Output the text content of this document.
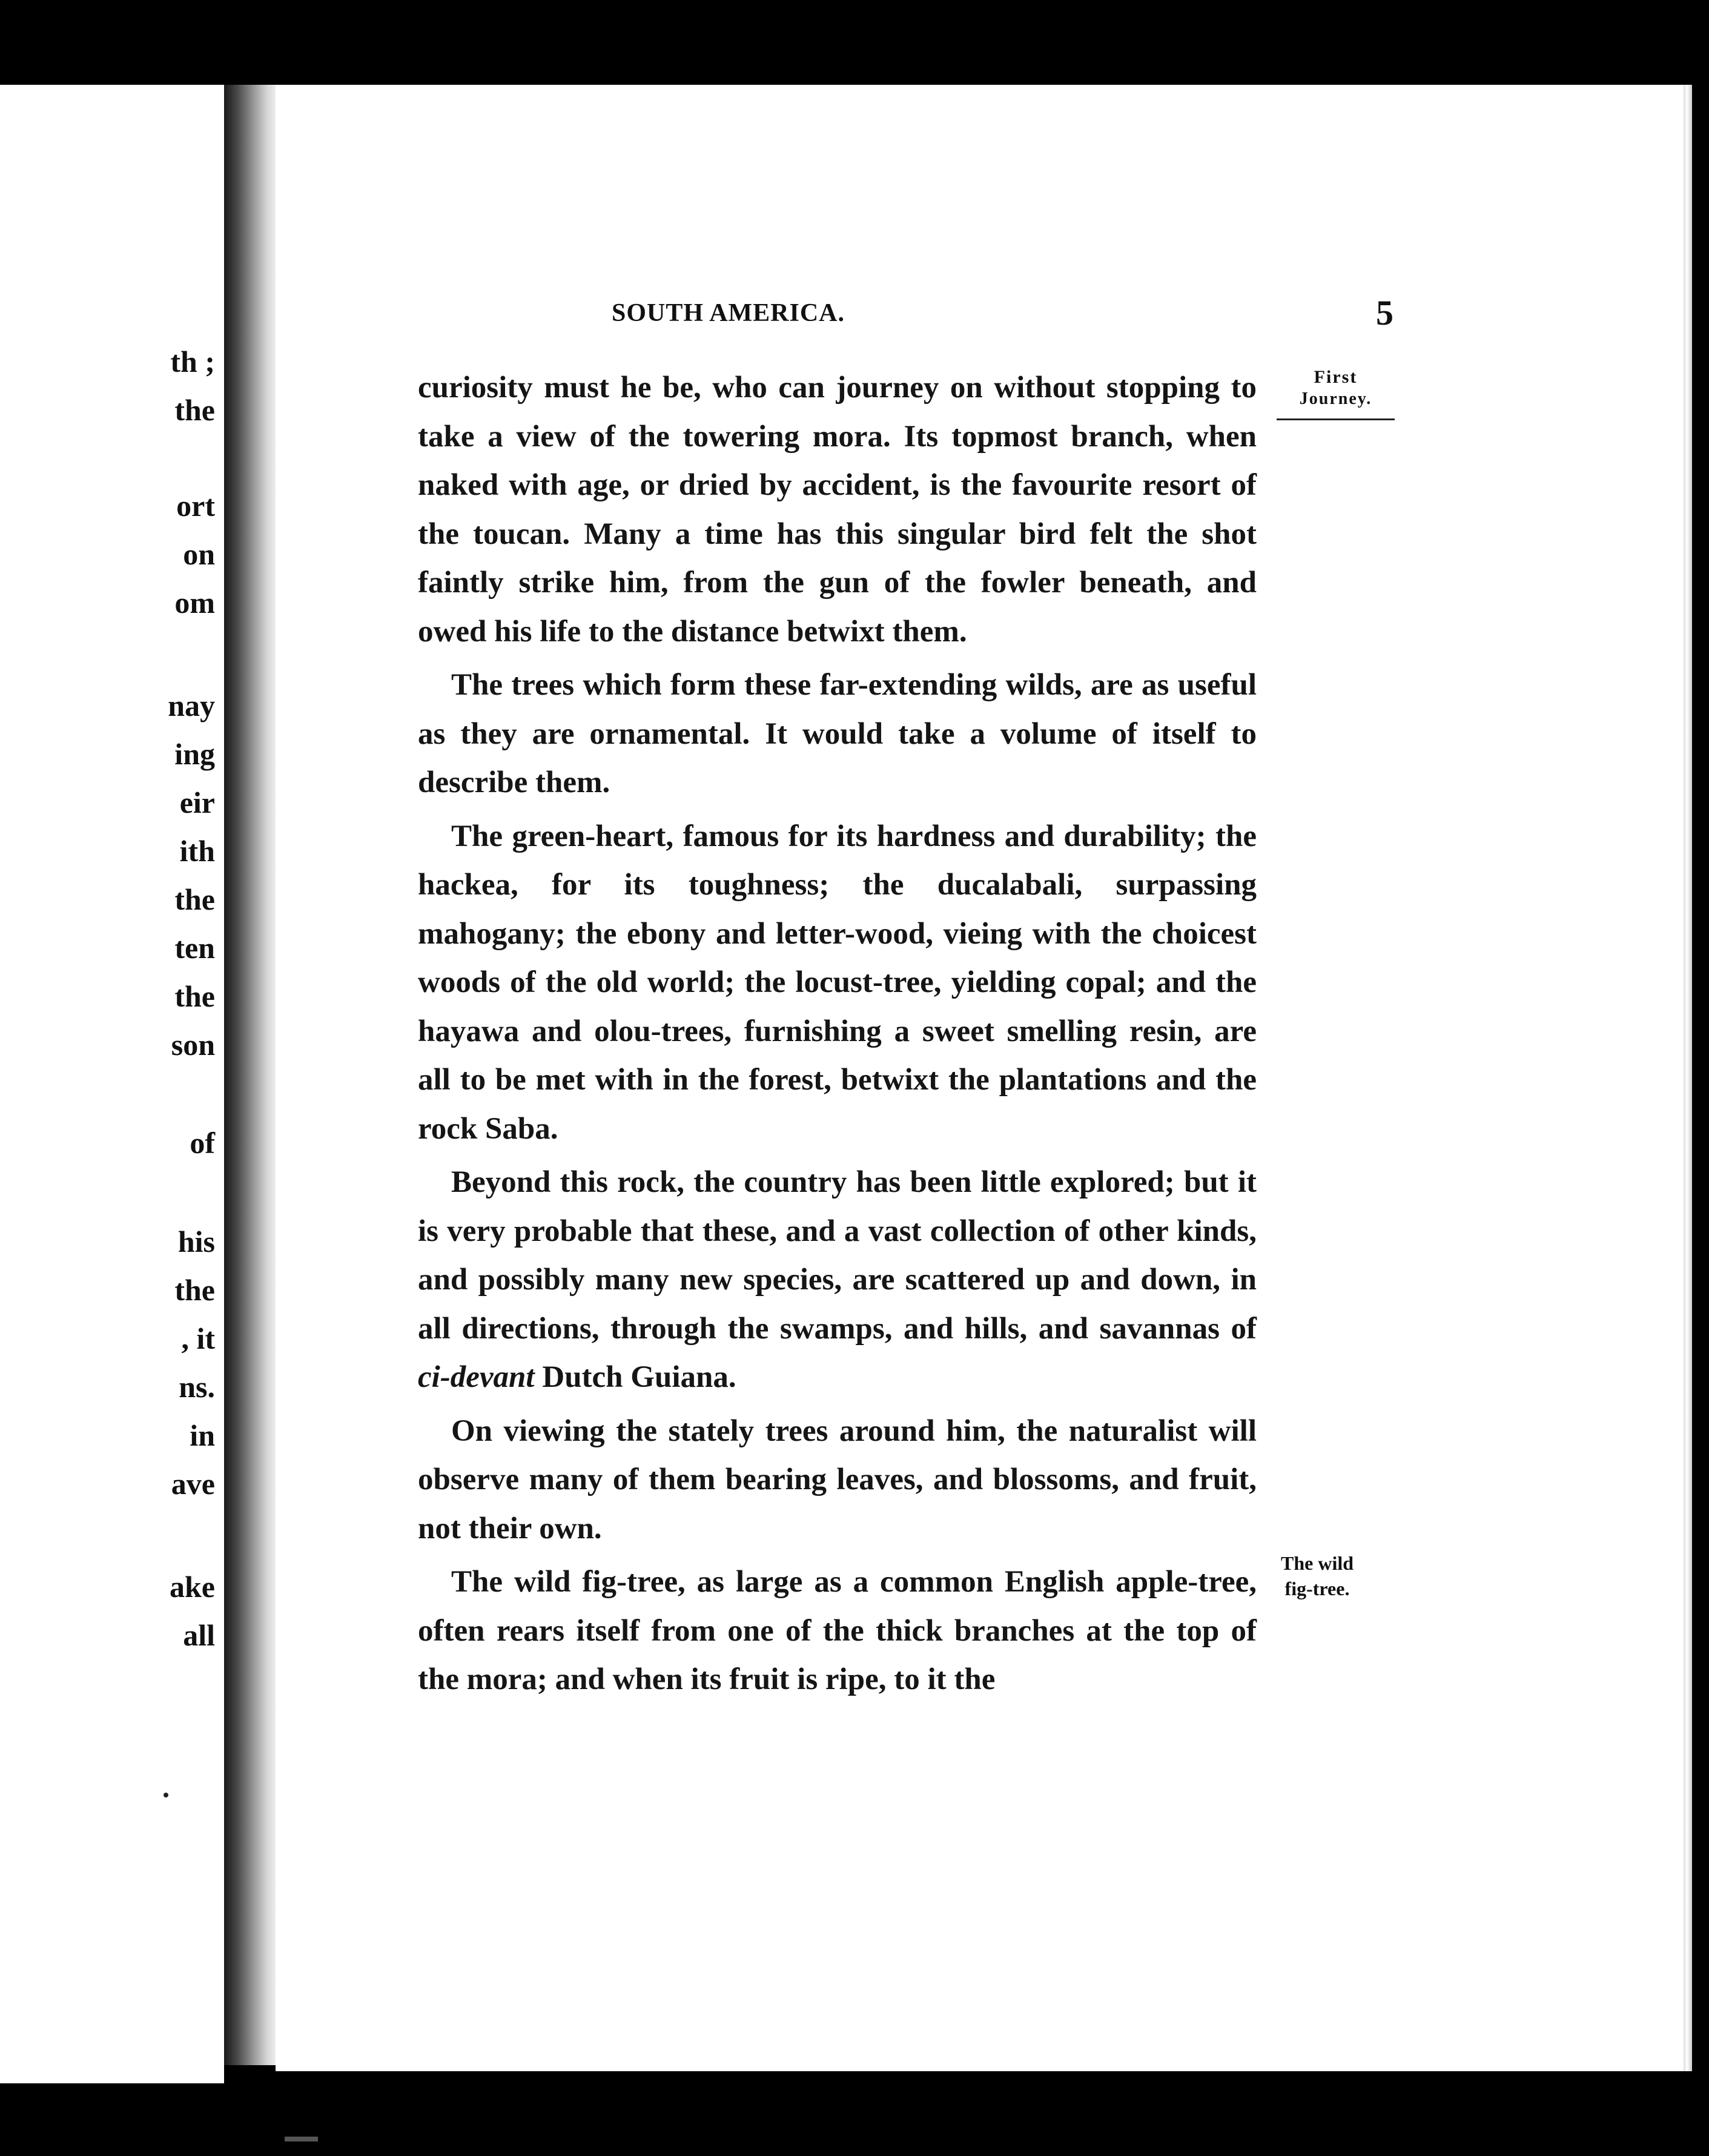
th ;
the
ort
on
om
nay
ing
eir
ith
the
ten
the
son
of
his
the
, it
ns.
in
ave
ake
all
SOUTH AMERICA.	5
First
Journey.
The wild
fig-tree.

curiosity must he be, who can journey on without stopping to take a view of the towering mora. Its topmost branch, when naked with age, or dried by accident, is the favourite resort of the toucan. Many a time has this singular bird felt the shot faintly strike him, from the gun of the fowler beneath, and owed his life to the distance betwixt them.

The trees which form these far-extending wilds, are as useful as they are ornamental. It would take a volume of itself to describe them.

The green-heart, famous for its hardness and durability; the hackea, for its toughness; the ducalabali, surpassing mahogany; the ebony and letter-wood, vieing with the choicest woods of the old world; the locust-tree, yielding copal; and the hayawa and olou-trees, furnishing a sweet smelling resin, are all to be met with in the forest, betwixt the plantations and the rock Saba.

Beyond this rock, the country has been little explored; but it is very probable that these, and a vast collection of other kinds, and possibly many new species, are scattered up and down, in all directions, through the swamps, and hills, and savannas of ci-devant Dutch Guiana.

On viewing the stately trees around him, the naturalist will observe many of them bearing leaves, and blossoms, and fruit, not their own.

The wild fig-tree, as large as a common English apple-tree, often rears itself from one of the thick branches at the top of the mora; and when its fruit is ripe, to it the
